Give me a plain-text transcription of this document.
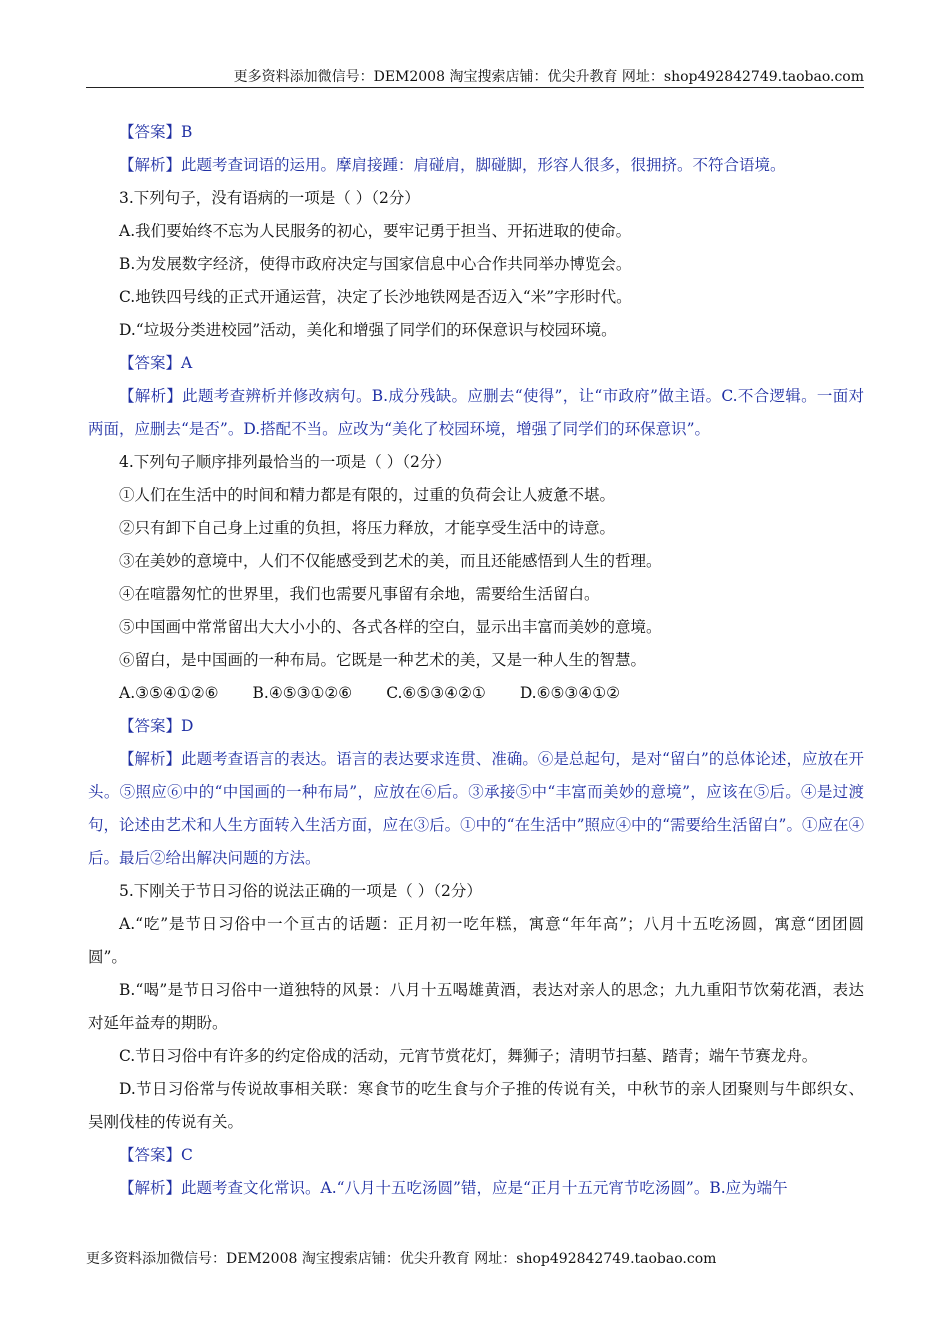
更多资料添加微信号：DEM2008 淘宝搜索店铺：优尖升教育 网址：shop492842749.taobao.com

【答案】B

【解析】此题考查词语的运用。摩肩接踵：肩碰肩，脚碰脚，形容人很多，很拥挤。不符合语境。

3.下列句子，没有语病的一项是（ ）（2分）

A.我们要始终不忘为人民服务的初心，要牢记勇于担当、开拓进取的使命。

B.为发展数字经济，使得市政府决定与国家信息中心合作共同举办博览会。

C.地铁四号线的正式开通运营，决定了长沙地铁网是否迈入“米”字形时代。

D.“垃圾分类进校园”活动，美化和增强了同学们的环保意识与校园环境。

【答案】A

【解析】此题考查辨析并修改病句。B.成分残缺。应删去“使得”，让“市政府”做主语。C.不合逻辑。一面对两面，应删去“是否”。D.搭配不当。应改为“美化了校园环境，增强了同学们的环保意识”。

4.下列句子顺序排列最恰当的一项是（ ）（2分）

①人们在生活中的时间和精力都是有限的，过重的负荷会让人疲惫不堪。

②只有卸下自己身上过重的负担，将压力释放，才能享受生活中的诗意。

③在美妙的意境中，人们不仅能感受到艺术的美，而且还能感悟到人生的哲理。

④在喧嚣匆忙的世界里，我们也需要凡事留有余地，需要给生活留白。

⑤中国画中常常留出大大小小的、各式各样的空白，显示出丰富而美妙的意境。

⑥留白，是中国画的一种布局。它既是一种艺术的美，又是一种人生的智慧。

A.③⑤④①②⑥ B.④⑤③①②⑥ C.⑥⑤③④②① D.⑥⑤③④①②

【答案】D

【解析】此题考查语言的表达。语言的表达要求连贯、准确。⑥是总起句，是对“留白”的总体论述，应放在开头。⑤照应⑥中的“中国画的一种布局”，应放在⑥后。③承接⑤中“丰富而美妙的意境”，应该在⑤后。④是过渡句，论述由艺术和人生方面转入生活方面，应在③后。①中的“在生活中”照应④中的“需要给生活留白”。①应在④后。最后②给出解决问题的方法。

5.下刚关于节日习俗的说法正确的一项是（ ）（2分）

A.“吃”是节日习俗中一个亘古的话题：正月初一吃年糕，寓意“年年高”；八月十五吃汤圆，寓意“团团圆圆”。

B.“喝”是节日习俗中一道独特的风景：八月十五喝雄黄酒，表达对亲人的思念；九九重阳节饮菊花酒，表达对延年益寿的期盼。

C.节日习俗中有许多的约定俗成的活动，元宵节赏花灯，舞狮子；清明节扫墓、踏青；端午节赛龙舟。

D.节日习俗常与传说故事相关联：寒食节的吃生食与介子推的传说有关，中秋节的亲人团聚则与牛郎织女、吴刚伐桂的传说有关。

【答案】C

【解析】此题考查文化常识。A.“八月十五吃汤圆”错，应是“正月十五元宵节吃汤圆”。B.应为端午

更多资料添加微信号：DEM2008 淘宝搜索店铺：优尖升教育 网址：shop492842749.taobao.com
